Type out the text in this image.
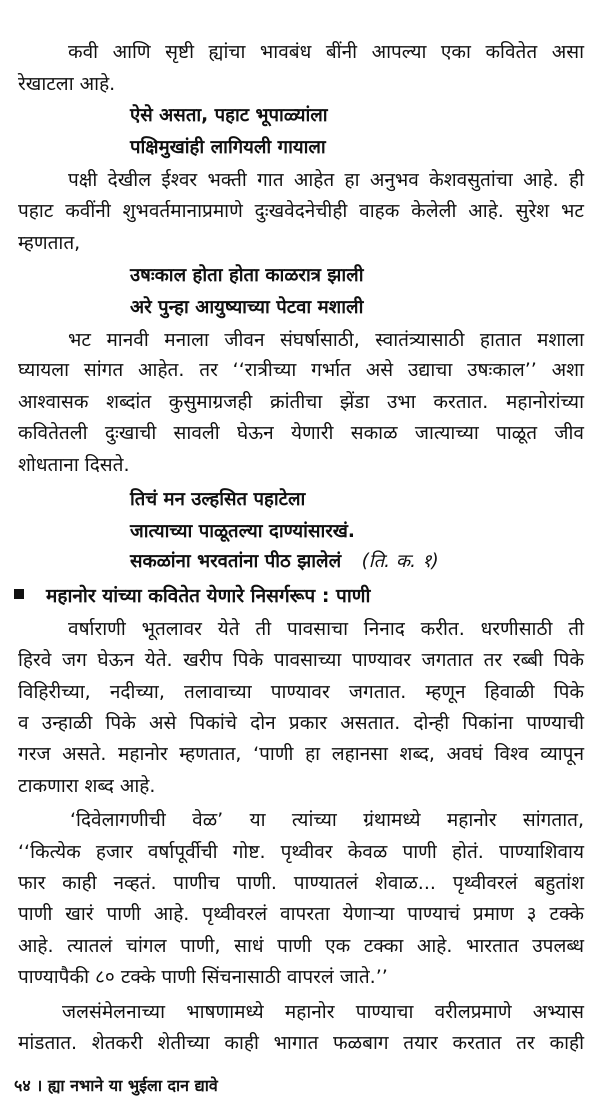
कवी आणि सृष्टी ह्यांचा भावबंध बींनी आपल्या एका कवितेत असा
रेखाटला आहे.
ऐसे असता, पहाट भूपाळ्यांला
पक्षिमुखांही लागियली गायाला
पक्षी देखील ईश्वर भक्ती गात आहेत हा अनुभव केशवसुतांचा आहे. ही
पहाट कवींनी शुभवर्तमानाप्रमाणे दुःखवेदनेचीही वाहक केलेली आहे. सुरेश भट
म्हणतात,
उषःकाल होता होता काळरात्र झाली
अरे पुन्हा आयुष्याच्या पेटवा मशाली
भट मानवी मनाला जीवन संघर्षासाठी, स्वातंत्र्यासाठी हातात मशाला
घ्यायला सांगत आहेत. तर ‘‘रात्रीच्या गर्भात असे उद्याचा उषःकाल’’ अशा
आश्वासक शब्दांत कुसुमाग्रजही क्रांतीचा झेंडा उभा करतात. महानोरांच्या
कवितेतली दुःखाची सावली घेऊन येणारी सकाळ जात्याच्या पाळूत जीव
शोधताना दिसते.
तिचं मन उल्हसित पहाटेला
जात्याच्या पाळूतल्या दाण्यांसारखं.
सकळांना भरवतांना पीठ झालेलं (ति. क. १)
महानोर यांच्या कवितेत येणारे निसर्गरूप : पाणी
वर्षाराणी भूतलावर येते ती पावसाचा निनाद करीत. धरणीसाठी ती
हिरवे जग घेऊन येते. खरीप पिके पावसाच्या पाण्यावर जगतात तर रब्बी पिके
विहिरीच्या, नदीच्या, तलावाच्या पाण्यावर जगतात. म्हणून हिवाळी पिके
व उन्हाळी पिके असे पिकांचे दोन प्रकार असतात. दोन्ही पिकांना पाण्याची
गरज असते. महानोर म्हणतात, ‘पाणी हा लहानसा शब्द, अवघं विश्व व्यापून
टाकणारा शब्द आहे.
‘दिवेलागणीची वेळ’ या त्यांच्या ग्रंथामध्ये महानोर सांगतात,
‘‘कित्येक हजार वर्षापूर्वीची गोष्ट. पृथ्वीवर केवळ पाणी होतं. पाण्याशिवाय
फार काही नव्हतं. पाणीच पाणी. पाण्यातलं शेवाळ... पृथ्वीवरलं बहुतांश
पाणी खारं पाणी आहे. पृथ्वीवरलं वापरता येणाऱ्या पाण्याचं प्रमाण ३ टक्के
आहे. त्यातलं चांगल पाणी, साधं पाणी एक टक्का आहे. भारतात उपलब्ध
पाण्यापैकी ८० टक्के पाणी सिंचनासाठी वापरलं जाते.’’
जलसंमेलनाच्या भाषणामध्ये महानोर पाण्याचा वरीलप्रमाणे अभ्यास
मांडतात. शेतकरी शेतीच्या काही भागात फळबाग तयार करतात तर काही
५४ । ह्या नभाने या भुईला दान द्यावे
